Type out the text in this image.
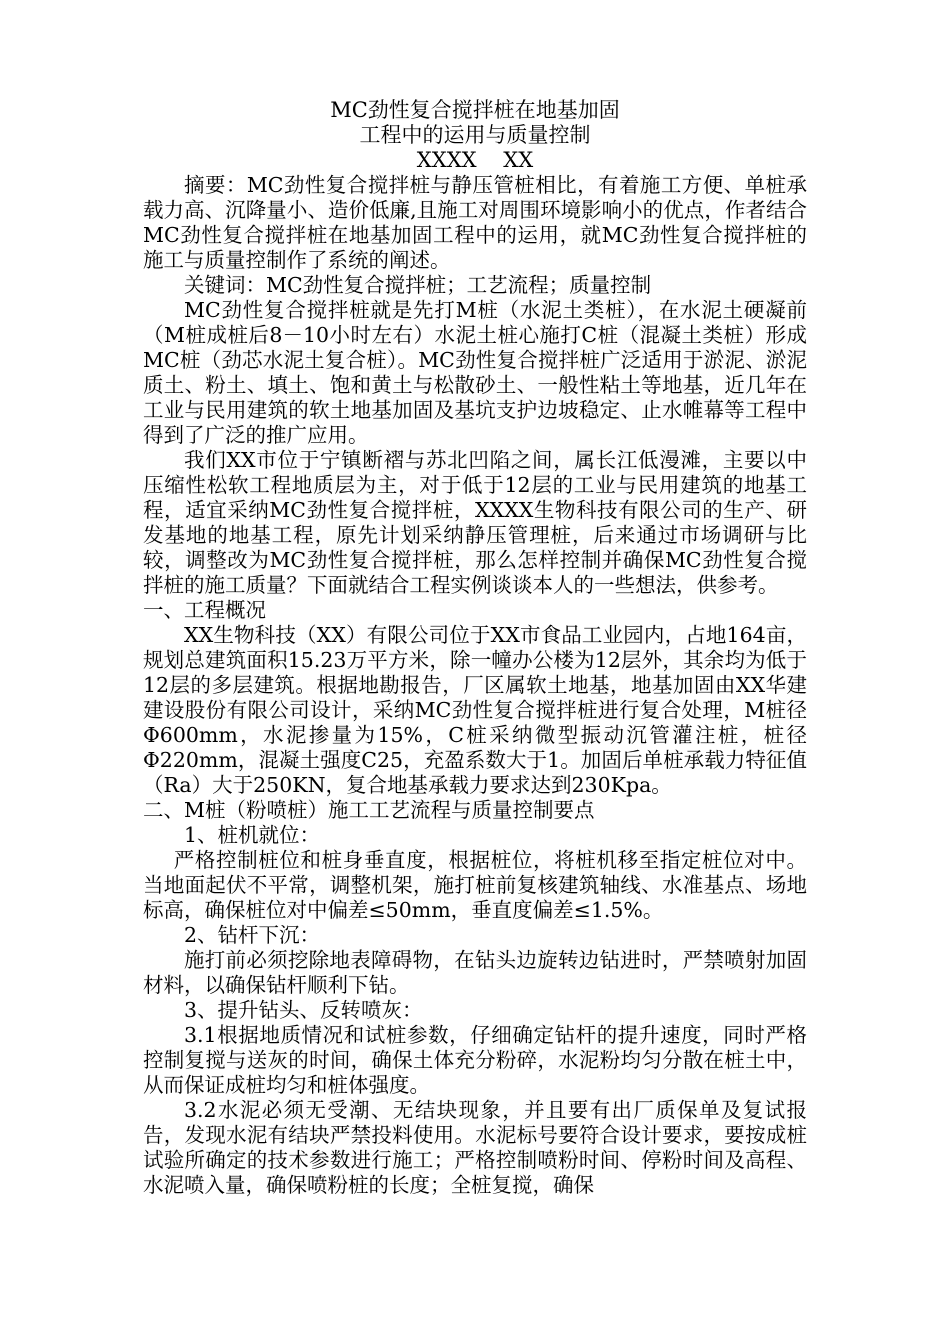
MC劲性复合搅拌桩在地基加固
工程中的运用与质量控制
XXXX    XX

摘要：MC劲性复合搅拌桩与静压管桩相比，有着施工方便、单桩承载力高、沉降量小、造价低廉,且施工对周围环境影响小的优点，作者结合MC劲性复合搅拌桩在地基加固工程中的运用，就MC劲性复合搅拌桩的施工与质量控制作了系统的阐述。

关键词：MC劲性复合搅拌桩；工艺流程；质量控制

MC劲性复合搅拌桩就是先打M桩（水泥土类桩），在水泥土硬凝前（M桩成桩后8－10小时左右）水泥土桩心施打C桩（混凝土类桩）形成MC桩（劲芯水泥土复合桩）。MC劲性复合搅拌桩广泛适用于淤泥、淤泥质土、粉土、填土、饱和黄土与松散砂土、一般性粘土等地基，近几年在工业与民用建筑的软土地基加固及基坑支护边坡稳定、止水帷幕等工程中得到了广泛的推广应用。

我们XX市位于宁镇断褶与苏北凹陷之间，属长江低漫滩，主要以中压缩性松软工程地质层为主，对于低于12层的工业与民用建筑的地基工程，适宜采纳MC劲性复合搅拌桩，XXXX生物科技有限公司的生产、研发基地的地基工程，原先计划采纳静压管理桩，后来通过市场调研与比较，调整改为MC劲性复合搅拌桩，那么怎样控制并确保MC劲性复合搅拌桩的施工质量？下面就结合工程实例谈谈本人的一些想法，供参考。

一、工程概况

XX生物科技（XX）有限公司位于XX市食品工业园内，占地164亩，规划总建筑面积15.23万平方米，除一幢办公楼为12层外，其余均为低于12层的多层建筑。根据地勘报告，厂区属软土地基，地基加固由XX华建建设股份有限公司设计，采纳MC劲性复合搅拌桩进行复合处理，M桩径Φ600mm，水泥掺量为15%，C桩采纳微型振动沉管灌注桩，桩径Φ220mm，混凝土强度C25，充盈系数大于1。加固后单桩承载力特征值（Ra）大于250KN，复合地基承载力要求达到230Kpa。

二、M桩（粉喷桩）施工工艺流程与质量控制要点

1、桩机就位：

严格控制桩位和桩身垂直度，根据桩位，将桩机移至指定桩位对中。当地面起伏不平常，调整机架，施打桩前复核建筑轴线、水准基点、场地标高，确保桩位对中偏差≤50mm，垂直度偏差≤1.5%。

2、钻杆下沉：

施打前必须挖除地表障碍物，在钻头边旋转边钻进时，严禁喷射加固材料，以确保钻杆顺利下钻。

3、提升钻头、反转喷灰：

3.1根据地质情况和试桩参数，仔细确定钻杆的提升速度，同时严格控制复搅与送灰的时间，确保土体充分粉碎，水泥粉均匀分散在桩土中，从而保证成桩均匀和桩体强度。

3.2水泥必须无受潮、无结块现象，并且要有出厂质保单及复试报告，发现水泥有结块严禁投料使用。水泥标号要符合设计要求，要按成桩试验所确定的技术参数进行施工；严格控制喷粉时间、停粉时间及高程、水泥喷入量，确保喷粉桩的长度；全桩复搅，确保
